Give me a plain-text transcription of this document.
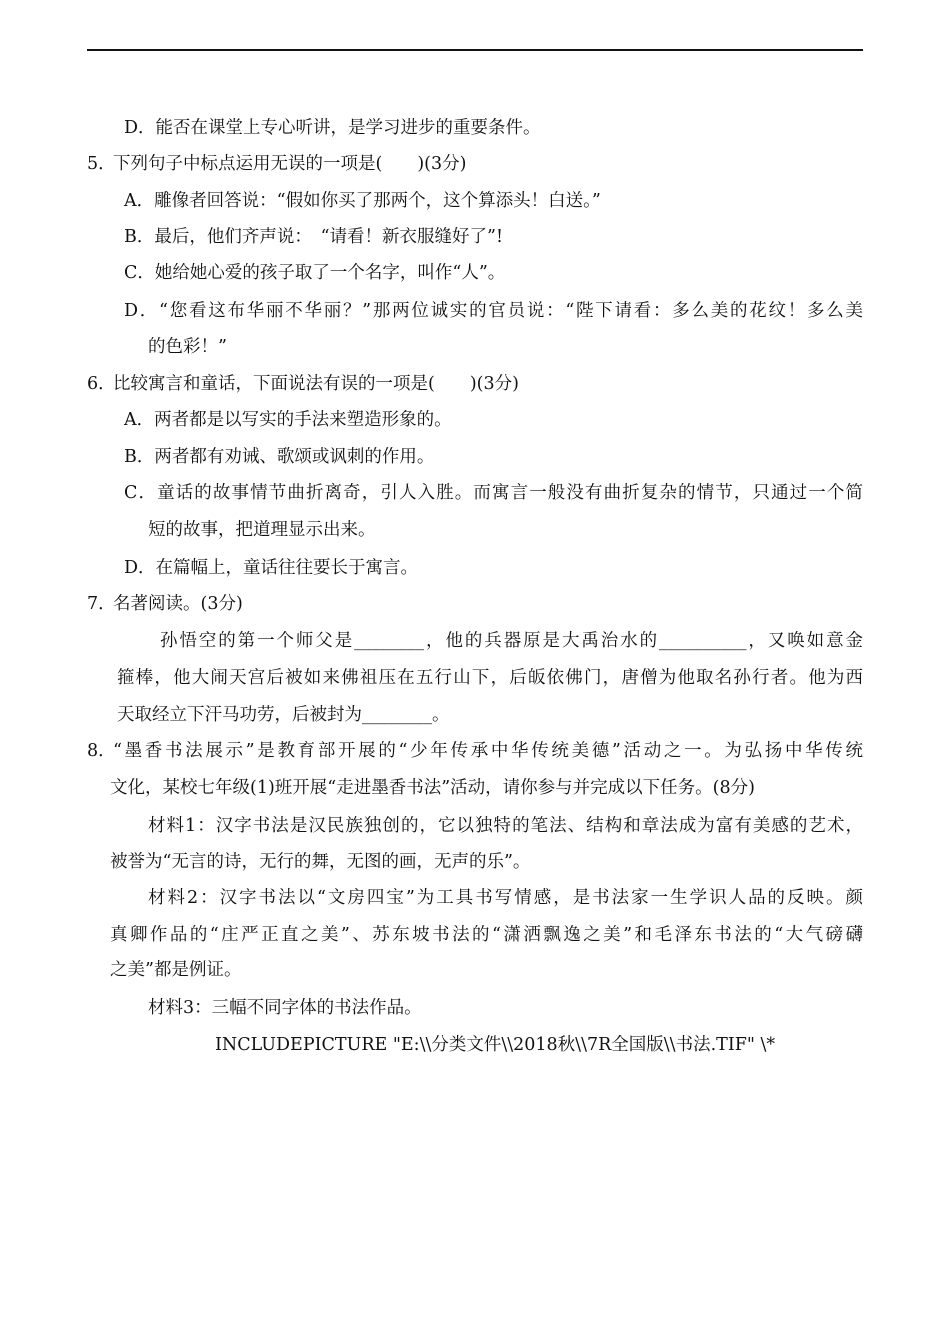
D．能否在课堂上专心听讲，是学习进步的重要条件。
5．
下列句子中标点运用无误的一项是(　　)(3分)
A．雕像者回答说：“假如你买了那两个，这个算添头！白送。”
B．最后，他们齐声说：　“请看！新衣服缝好了”!
C．她给她心爱的孩子取了一个名字，叫作“人”。
D．“您看这布华丽不华丽？”那两位诚实的官员说：“陛下请看：多么美的花纹！多么美
的色彩！”
6．
比较寓言和童话，下面说法有误的一项是(　　)(3分)
A．两者都是以写实的手法来塑造形象的。
B．两者都有劝诫、歌颂或讽刺的作用。
C．童话的故事情节曲折离奇，引人入胜。而寓言一般没有曲折复杂的情节，只通过一个简
短的故事，把道理显示出来。
D．在篇幅上，童话往往要长于寓言。
7．
名著阅读。(3分)
孙悟空的第一个师父是________，他的兵器原是大禹治水的__________，又唤如意金
箍棒，他大闹天宫后被如来佛祖压在五行山下，后皈依佛门，唐僧为他取名孙行者。他为西
天取经立下汗马功劳，后被封为________。
8．
“墨香书法展示”是教育部开展的“少年传承中华传统美德”活动之一。为弘扬中华传统
文化，某校七年级(1)班开展“走进墨香书法”活动，请你参与并完成以下任务。(8分)
材料1：汉字书法是汉民族独创的，它以独特的笔法、结构和章法成为富有美感的艺术，
被誉为“无言的诗，无行的舞，无图的画，无声的乐”。
材料2：汉字书法以“文房四宝”为工具书写情感，是书法家一生学识人品的反映。颜
真卿作品的“庄严正直之美”、苏东坡书法的“潇洒飘逸之美”和毛泽东书法的“大气磅礴
之美”都是例证。
材料3：三幅不同字体的书法作品。
INCLUDEPICTURE "E:\\分类文件\\2018秋\\7R全国版\\书法.TIF" \*
